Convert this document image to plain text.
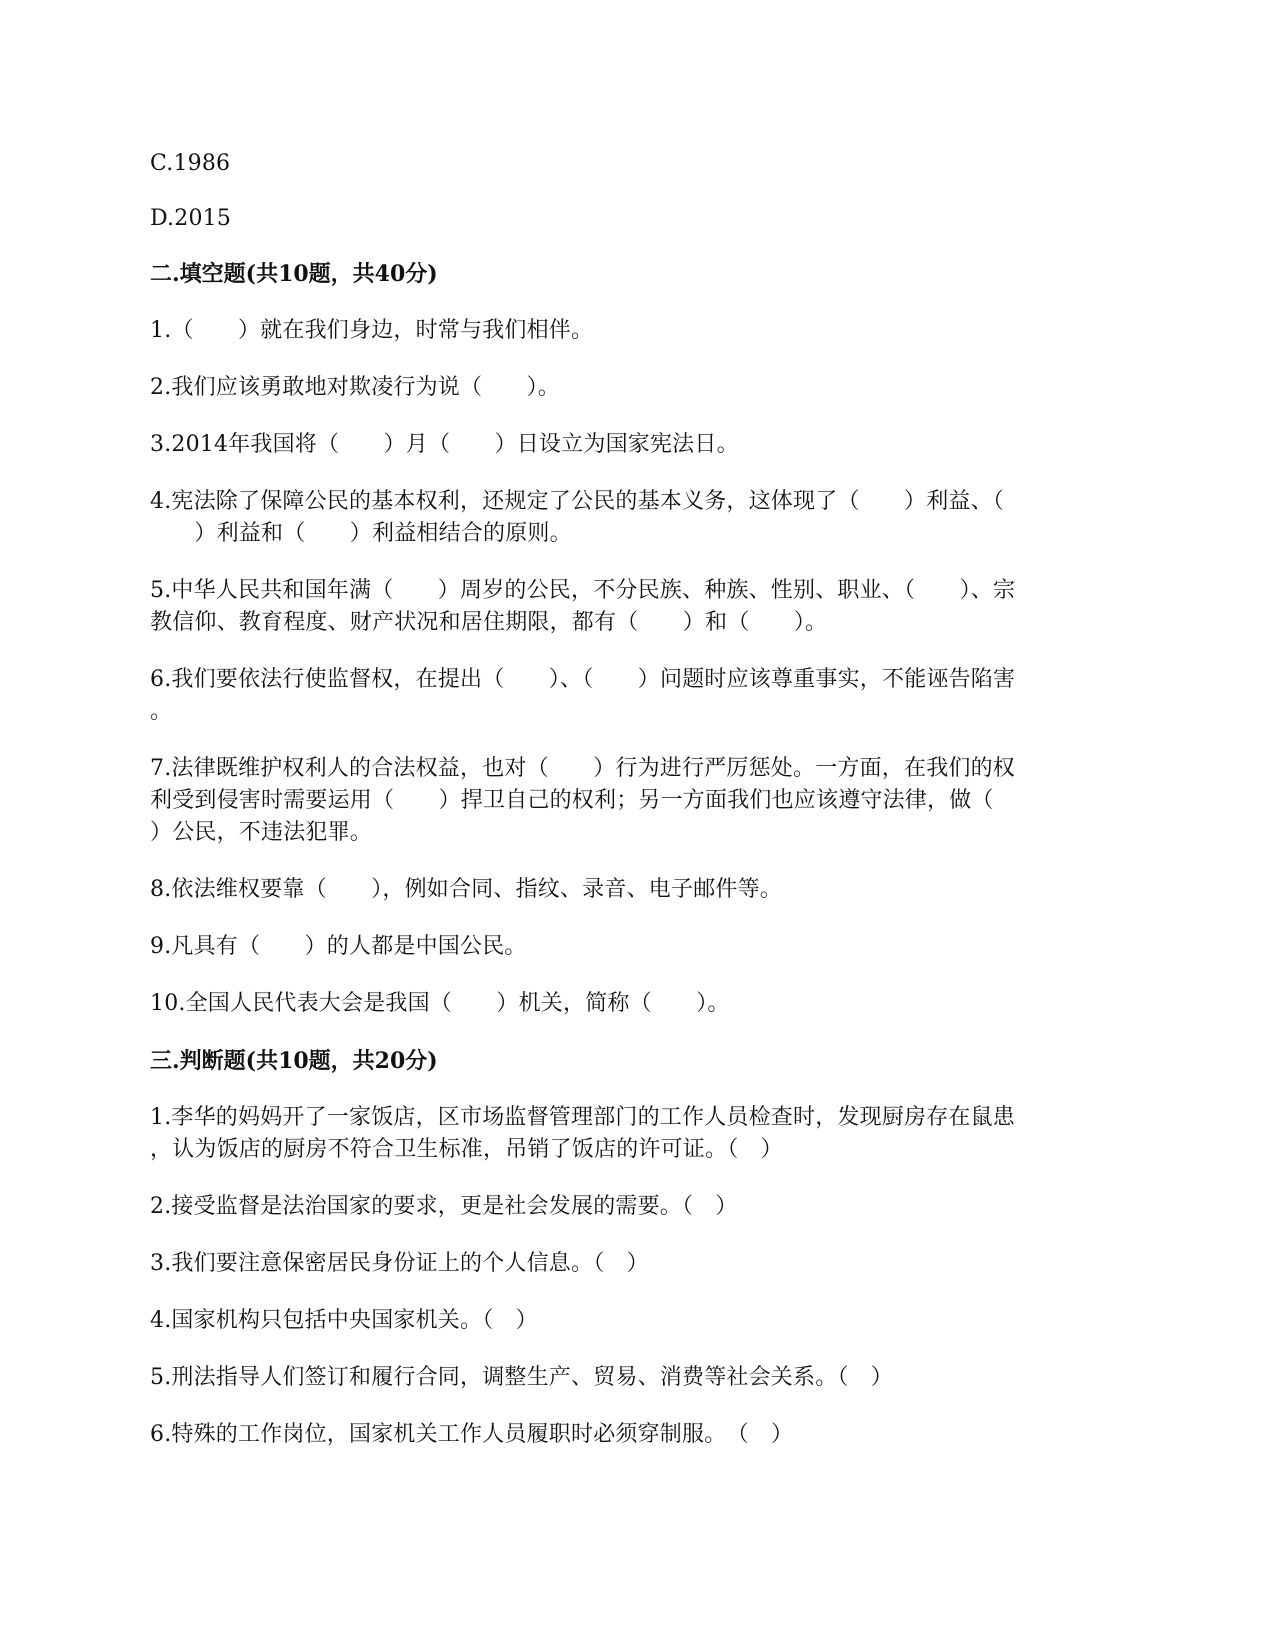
C.1986
D.2015
二.填空题(共10题，共40分)

1.（　　）就在我们身边，时常与我们相伴。

2.我们应该勇敢地对欺凌行为说（　　）。

3.2014年我国将（　　）月（　　）日设立为国家宪法日。

4.宪法除了保障公民的基本权利，还规定了公民的基本义务，这体现了（　　）利益、（

　　）利益和（　　）利益相结合的原则。

5.中华人民共和国年满（　　）周岁的公民，不分民族、种族、性别、职业、（　　）、宗

教信仰、教育程度、财产状况和居住期限，都有（　　）和（　　）。

6.我们要依法行使监督权，在提出（　　）、（　　）问题时应该尊重事实，不能诬告陷害

。

7.法律既维护权利人的合法权益，也对（　　）行为进行严厉惩处。一方面，在我们的权

利受到侵害时需要运用（　　）捍卫自己的权利；另一方面我们也应该遵守法律，做（

）公民，不违法犯罪。

8.依法维权要靠（　　），例如合同、指纹、录音、电子邮件等。

9.凡具有（　　）的人都是中国公民。

10.全国人民代表大会是我国（　　）机关，简称（　　）。

三.判断题(共10题，共20分)

1.李华的妈妈开了一家饭店，区市场监督管理部门的工作人员检查时，发现厨房存在鼠患

，认为饭店的厨房不符合卫生标准，吊销了饭店的许可证。（　）

2.接受监督是法治国家的要求，更是社会发展的需要。（　）

3.我们要注意保密居民身份证上的个人信息。（　）

4.国家机构只包括中央国家机关。（　）

5.刑法指导人们签订和履行合同，调整生产、贸易、消费等社会关系。（　）

6.特殊的工作岗位，国家机关工作人员履职时必须穿制服。　（　）
